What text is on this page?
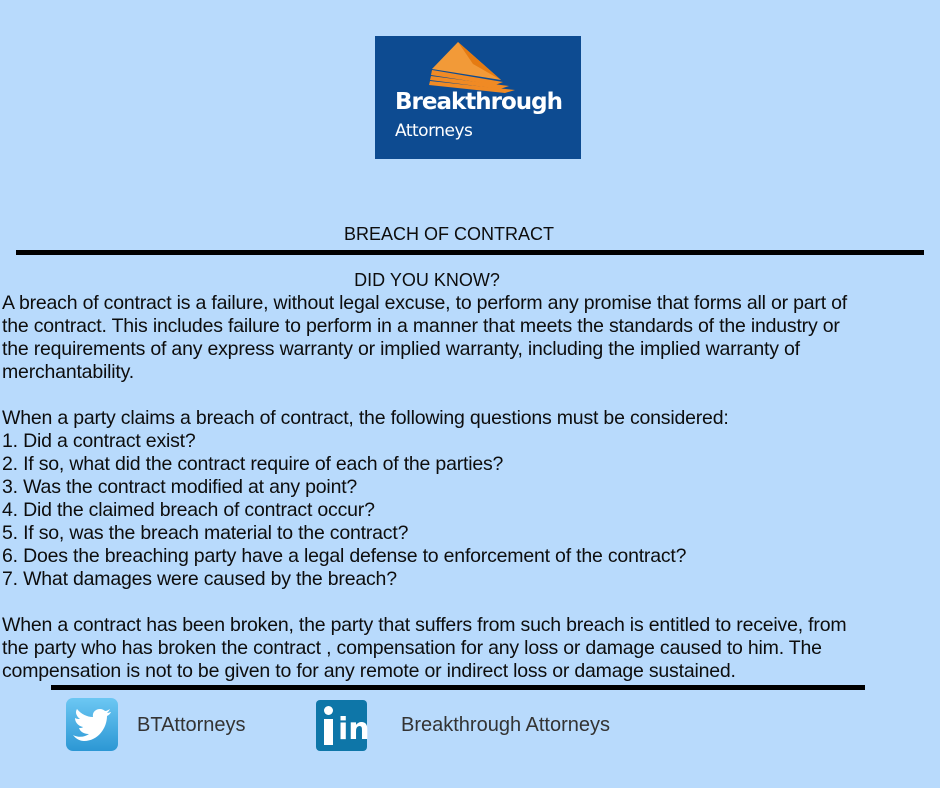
Breakthrough
Attorneys
BREACH OF CONTRACT
DID YOU KNOW?

A breach of contract is a failure, without legal excuse, to perform any promise that forms all or part of

the contract. This includes failure to perform in a manner that meets the standards of the industry or

the requirements of any express warranty or implied warranty, including the implied warranty of

merchantability.

When a party claims a breach of contract, the following questions must be considered:

1. Did a contract exist?

2. If so, what did the contract require of each of the parties?

3. Was the contract modified at any point?

4. Did the claimed breach of contract occur?

5. If so, was the breach material to the contract?

6. Does the breaching party have a legal defense to enforcement of the contract?

7. What damages were caused by the breach?

When a contract has been broken, the party that suffers from such breach is entitled to receive, from

the party who has broken the contract , compensation for any loss or damage caused to him. The

compensation is not to be given to for any remote or indirect loss or damage sustained.

BTAttorneys	in Breakthrough Attorneys
